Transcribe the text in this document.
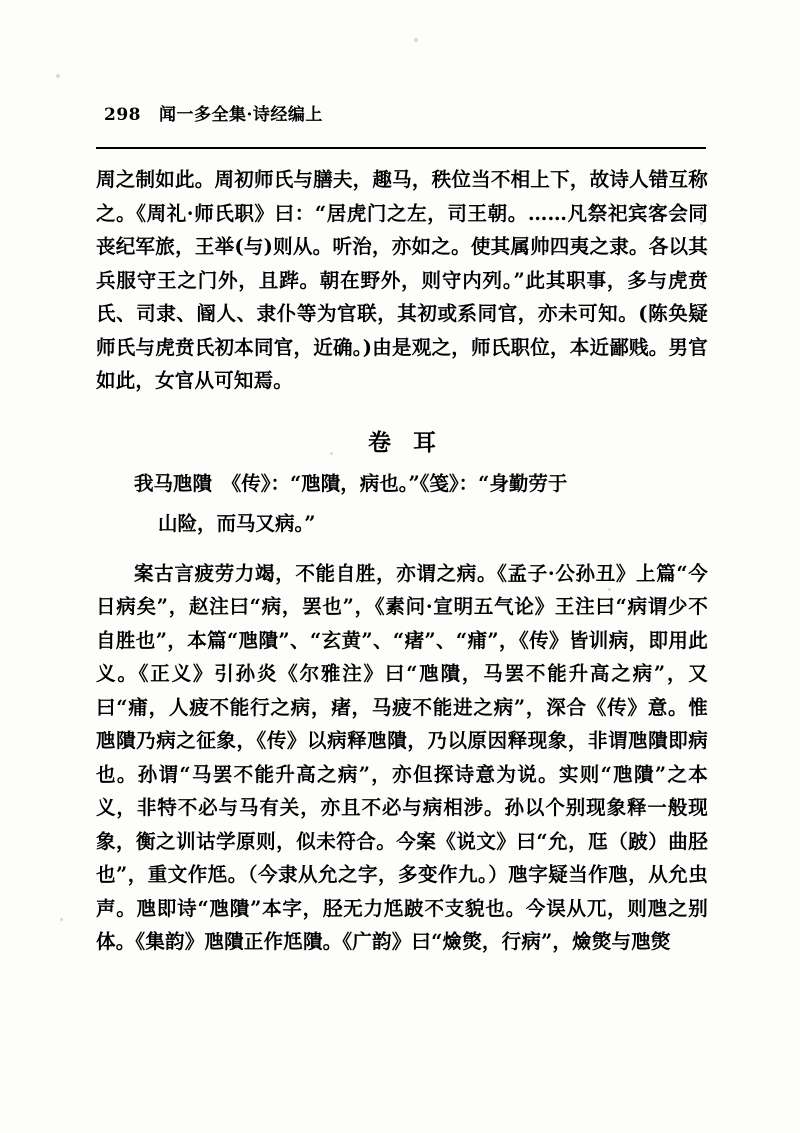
298 闻一多全集·诗经编上

周之制如此。周初师氏与膳夫，趣马，秩位当不相上下，故诗人错互称之。《周礼·师氏职》曰：“居虎门之左，司王朝。……凡祭祀宾客会同丧纪军旅，王举(与)则从。听治，亦如之。使其属帅四夷之隶。各以其兵服守王之门外，且跸。朝在野外，则守内列。”此其职事，多与虎贲氏、司隶、阍人、隶仆等为官联，其初或系同官，亦未可知。(陈奂疑师氏与虎贲氏初本同官，近确。)由是观之，师氏职位，本近鄙贱。男官如此，女官从可知焉。

卷耳
我马虺隤　《传》：“虺隤，病也。”《笺》：“身勤劳于
山险，而马又病。”

案古言疲劳力竭，不能自胜，亦谓之病。《孟子·公孙丑》上篇“今日病矣”，赵注曰“病，罢也”，《素问·宣明五气论》王注曰“病谓少不自胜也”，本篇“虺隤”、“玄黄”、“瘏”、“痡”，《传》皆训病，即用此义。《正义》引孙炎《尔雅注》曰“虺隤，马罢不能升高之病”，又曰“痡，人疲不能行之病，瘏，马疲不能进之病”，深合《传》意。惟虺隤乃病之征象，《传》以病释虺隤，乃以原因释现象，非谓虺隤即病也。孙谓“马罢不能升高之病”，亦但探诗意为说。实则“虺隤”之本义，非特不必与马有关，亦且不必与病相涉。孙以个别现象释一般现象，衡之训诂学原则，似未符合。今案《说文》曰“允，尫（跛）曲胫也”，重文作尪。（今隶从允之字，多变作九。）虺字疑当作虺，从允虫声。虺即诗“虺隤”本字，胫无力尪跛不支貌也。今误从兀，则虺之别体。《集韵》虺隤正作尪隤。《广韵》曰“㷿㷺，行病”，㷿㷺与虺㷺
